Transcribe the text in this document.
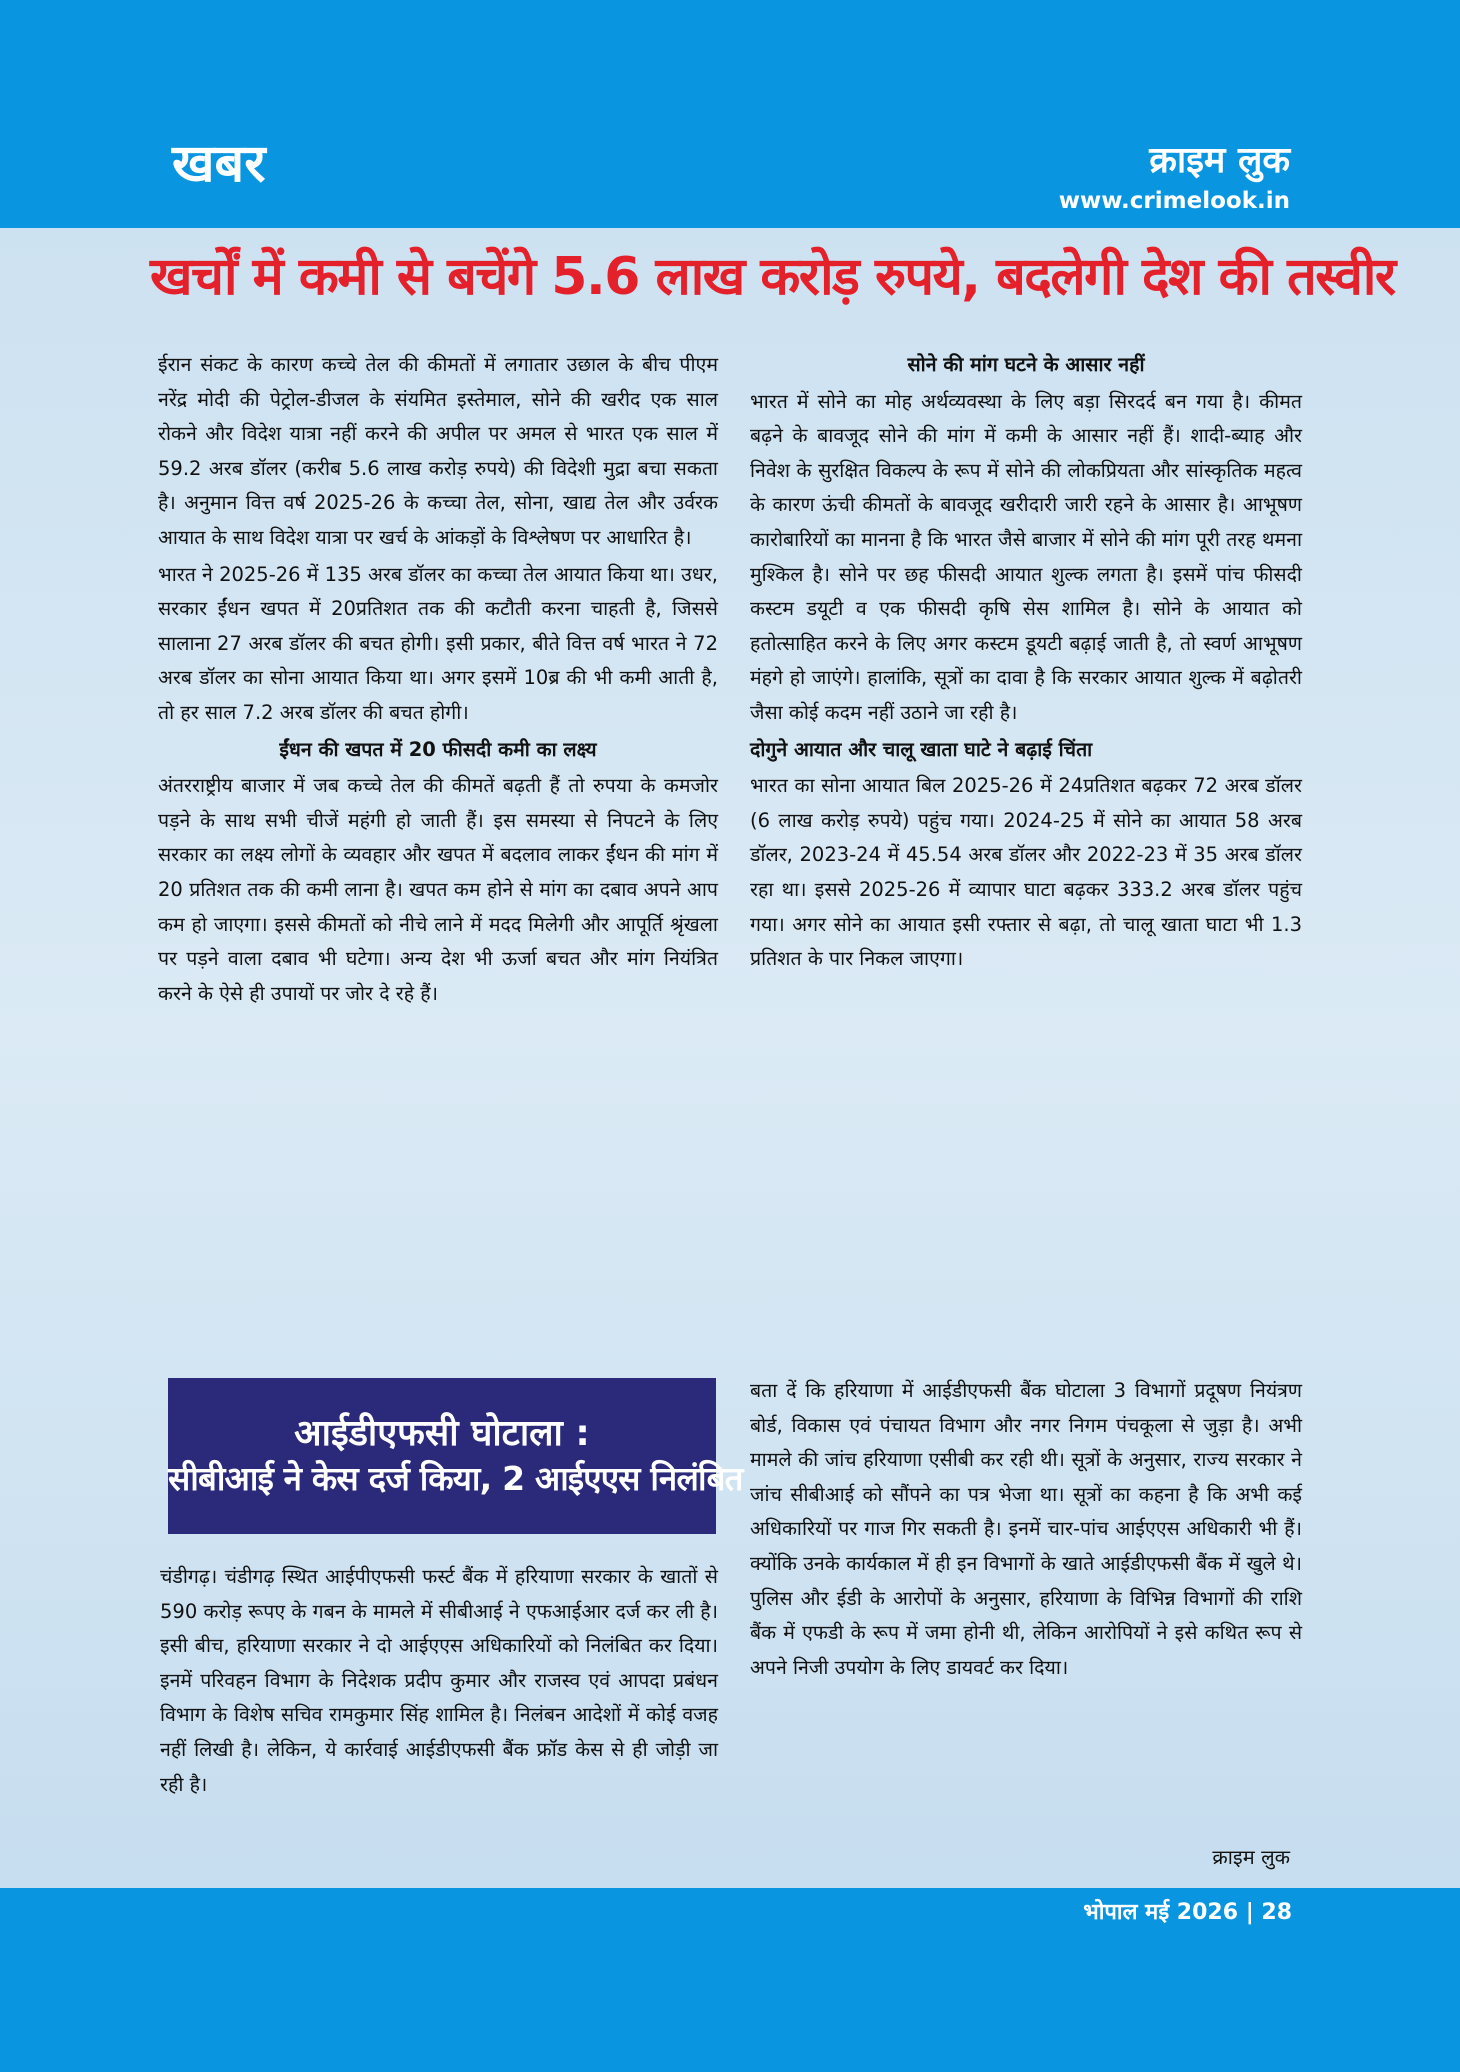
खबर	क्राइम लुक
www.crimelook.in
खर्चों में कमी से बचेंगे 5.6 लाख करोड़ रुपये, बदलेगी देश की तस्वीर

ईरान संकट के कारण कच्चे तेल की कीमतों में लगातार उछाल के बीच पीएम नरेंद्र मोदी की पेट्रोल-डीजल के संयमित इस्तेमाल, सोने की खरीद एक साल रोकने और विदेश यात्रा नहीं करने की अपील पर अमल से भारत एक साल में 59.2 अरब डॉलर (करीब 5.6 लाख करोड़ रुपये) की विदेशी मुद्रा बचा सकता है। अनुमान वित्त वर्ष 2025-26 के कच्चा तेल, सोना, खाद्य तेल और उर्वरक आयात के साथ विदेश यात्रा पर खर्च के आंकड़ों के विश्लेषण पर आधारित है।

भारत ने 2025-26 में 135 अरब डॉलर का कच्चा तेल आयात किया था। उधर, सरकार ईंधन खपत में 20प्रतिशत तक की कटौती करना चाहती है, जिससे सालाना 27 अरब डॉलर की बचत होगी। इसी प्रकार, बीते वित्त वर्ष भारत ने 72 अरब डॉलर का सोना आयात किया था। अगर इसमें 10ब्र की भी कमी आती है, तो हर साल 7.2 अरब डॉलर की बचत होगी।

ईंधन की खपत में 20 फीसदी कमी का लक्ष्य

अंतरराष्ट्रीय बाजार में जब कच्चे तेल की कीमतें बढ़ती हैं तो रुपया के कमजोर पड़ने के साथ सभी चीजें महंगी हो जाती हैं। इस समस्या से निपटने के लिए सरकार का लक्ष्य लोगों के व्यवहार और खपत में बदलाव लाकर ईंधन की मांग में 20 प्रतिशत तक की कमी लाना है। खपत कम होने से मांग का दबाव अपने आप कम हो जाएगा। इससे कीमतों को नीचे लाने में मदद मिलेगी और आपूर्ति श्रृंखला पर पड़ने वाला दबाव भी घटेगा। अन्य देश भी ऊर्जा बचत और मांग नियंत्रित करने के ऐसे ही उपायों पर जोर दे रहे हैं।

सोने की मांग घटने के आसार नहीं

भारत में सोने का मोह अर्थव्यवस्था के लिए बड़ा सिरदर्द बन गया है। कीमत बढ़ने के बावजूद सोने की मांग में कमी के आसार नहीं हैं। शादी-ब्याह और निवेश के सुरक्षित विकल्प के रूप में सोने की लोकप्रियता और सांस्कृतिक महत्व के कारण ऊंची कीमतों के बावजूद खरीदारी जारी रहने के आसार है। आभूषण कारोबारियों का मानना है कि भारत जैसे बाजार में सोने की मांग पूरी तरह थमना मुश्किल है। सोने पर छह फीसदी आयात शुल्क लगता है। इसमें पांच फीसदी कस्टम डयूटी व एक फीसदी कृषि सेस शामिल है। सोने के आयात को हतोत्साहित करने के लिए अगर कस्टम डूयटी बढ़ाई जाती है, तो स्वर्ण आभूषण मंहगे हो जाएंगे। हालांकि, सूत्रों का दावा है कि सरकार आयात शुल्क में बढ़ोतरी जैसा कोई कदम नहीं उठाने जा रही है।

दोगुने आयात और चालू खाता घाटे ने बढ़ाई चिंता

भारत का सोना आयात बिल 2025-26 में 24प्रतिशत बढ़कर 72 अरब डॉलर (6 लाख करोड़ रुपये) पहुंच गया। 2024-25 में सोने का आयात 58 अरब डॉलर, 2023-24 में 45.54 अरब डॉलर और 2022-23 में 35 अरब डॉलर रहा था। इससे 2025-26 में व्यापार घाटा बढ़कर 333.2 अरब डॉलर पहुंच गया। अगर सोने का आयात इसी रफ्तार से बढ़ा, तो चालू खाता घाटा भी 1.3 प्रतिशत के पार निकल जाएगा।

आईडीएफसी घोटाला :
सीबीआई ने केस दर्ज किया, 2 आईएएस निलंबित

चंडीगढ़। चंडीगढ़ स्थित आईपीएफसी फर्स्ट बैंक में हरियाणा सरकार के खातों से 590 करोड़ रूपए के गबन के मामले में सीबीआई ने एफआईआर दर्ज कर ली है। इसी बीच, हरियाणा सरकार ने दो आईएएस अधिकारियों को निलंबित कर दिया। इनमें परिवहन विभाग के निदेशक प्रदीप कुमार और राजस्व एवं आपदा प्रबंधन विभाग के विशेष सचिव रामकुमार सिंह शामिल है। निलंबन आदेशों में कोई वजह नहीं लिखी है। लेकिन, ये कार्रवाई आईडीएफसी बैंक फ्रॉड केस से ही जोड़ी जा रही है।

बता दें कि हरियाणा में आईडीएफसी बैंक घोटाला 3 विभागों प्रदूषण नियंत्रण बोर्ड, विकास एवं पंचायत विभाग और नगर निगम पंचकूला से जुड़ा है। अभी मामले की जांच हरियाणा एसीबी कर रही थी। सूत्रों के अनुसार, राज्य सरकार ने जांच सीबीआई को सौंपने का पत्र भेजा था। सूत्रों का कहना है कि अभी कई अधिकारियों पर गाज गिर सकती है। इनमें चार-पांच आईएएस अधिकारी भी हैं। क्योंकि उनके कार्यकाल में ही इन विभागों के खाते आईडीएफसी बैंक में खुले थे। पुलिस और ईडी के आरोपों के अनुसार, हरियाणा के विभिन्न विभागों की राशि बैंक में एफडी के रूप में जमा होनी थी, लेकिन आरोपियों ने इसे कथित रूप से अपने निजी उपयोग के लिए डायवर्ट कर दिया।

क्राइम लुक
भोपाल मई 2026 | 28
